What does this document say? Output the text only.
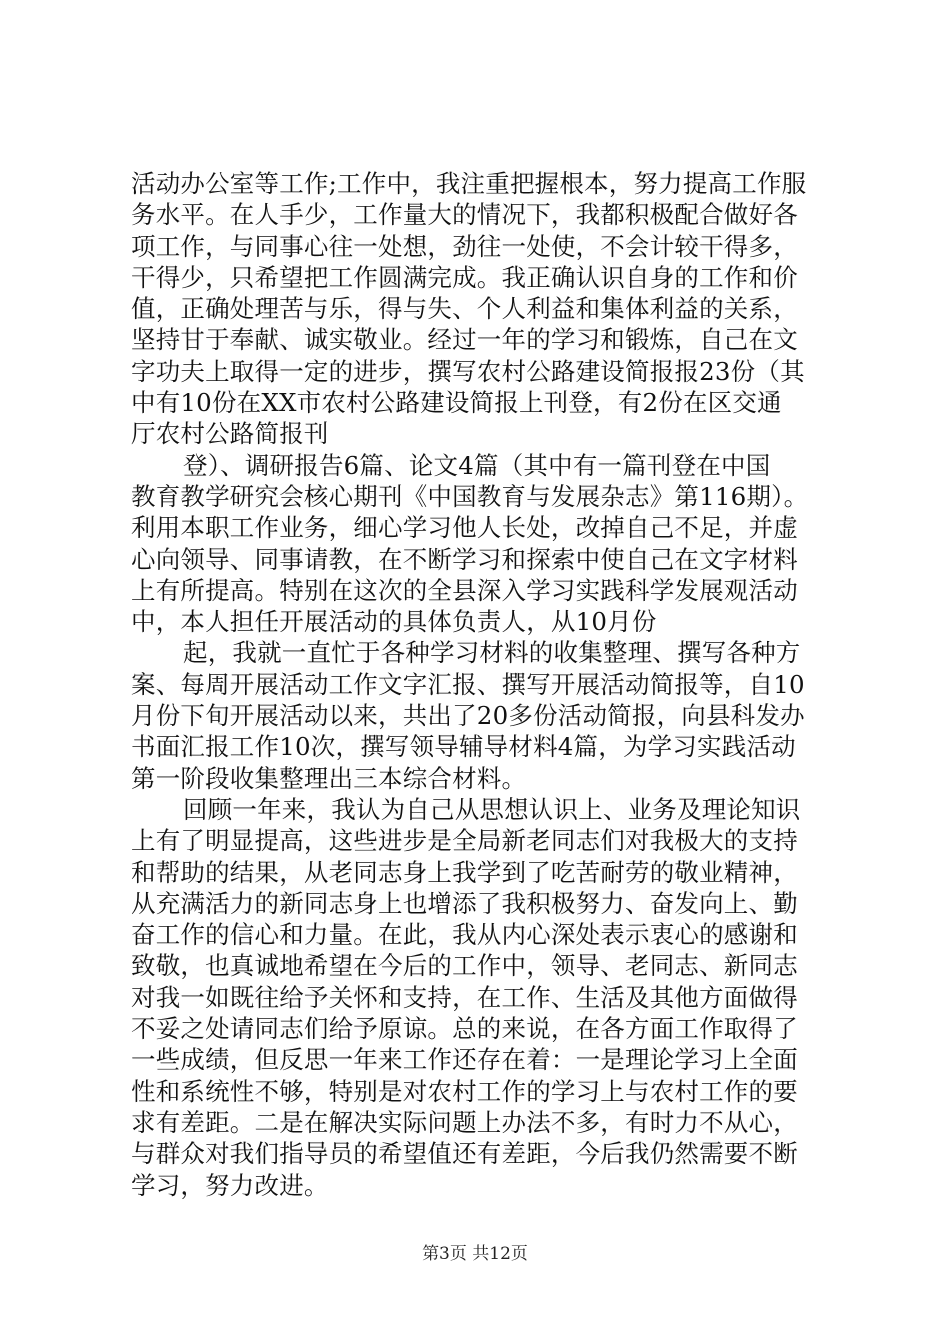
活动办公室等工作;工作中，我注重把握根本，努力提高工作服
务水平。在人手少，工作量大的情况下，我都积极配合做好各
项工作，与同事心往一处想，劲往一处使，不会计较干得多，
干得少，只希望把工作圆满完成。我正确认识自身的工作和价
值，正确处理苦与乐，得与失、个人利益和集体利益的关系，
坚持甘于奉献、诚实敬业。经过一年的学习和锻炼，自己在文
字功夫上取得一定的进步，撰写农村公路建设简报报23份（其
中有10份在XX市农村公路建设简报上刊登，有2份在区交通
厅农村公路简报刊
登）、调研报告6篇、论文4篇（其中有一篇刊登在中国
教育教学研究会核心期刊《中国教育与发展杂志》第116期）。
利用本职工作业务，细心学习他人长处，改掉自己不足，并虚
心向领导、同事请教，在不断学习和探索中使自己在文字材料
上有所提高。特别在这次的全县深入学习实践科学发展观活动
中，本人担任开展活动的具体负责人，从10月份
起，我就一直忙于各种学习材料的收集整理、撰写各种方
案、每周开展活动工作文字汇报、撰写开展活动简报等，自10
月份下旬开展活动以来，共出了20多份活动简报，向县科发办
书面汇报工作10次，撰写领导辅导材料4篇，为学习实践活动
第一阶段收集整理出三本综合材料。
回顾一年来，我认为自己从思想认识上、业务及理论知识
上有了明显提高，这些进步是全局新老同志们对我极大的支持
和帮助的结果，从老同志身上我学到了吃苦耐劳的敬业精神，
从充满活力的新同志身上也增添了我积极努力、奋发向上、勤
奋工作的信心和力量。在此，我从内心深处表示衷心的感谢和
致敬，也真诚地希望在今后的工作中，领导、老同志、新同志
对我一如既往给予关怀和支持，在工作、生活及其他方面做得
不妥之处请同志们给予原谅。总的来说，在各方面工作取得了
一些成绩，但反思一年来工作还存在着：一是理论学习上全面
性和系统性不够，特别是对农村工作的学习上与农村工作的要
求有差距。二是在解决实际问题上办法不多，有时力不从心，
与群众对我们指导员的希望值还有差距，今后我仍然需要不断
学习，努力改进。
第3页 共12页
